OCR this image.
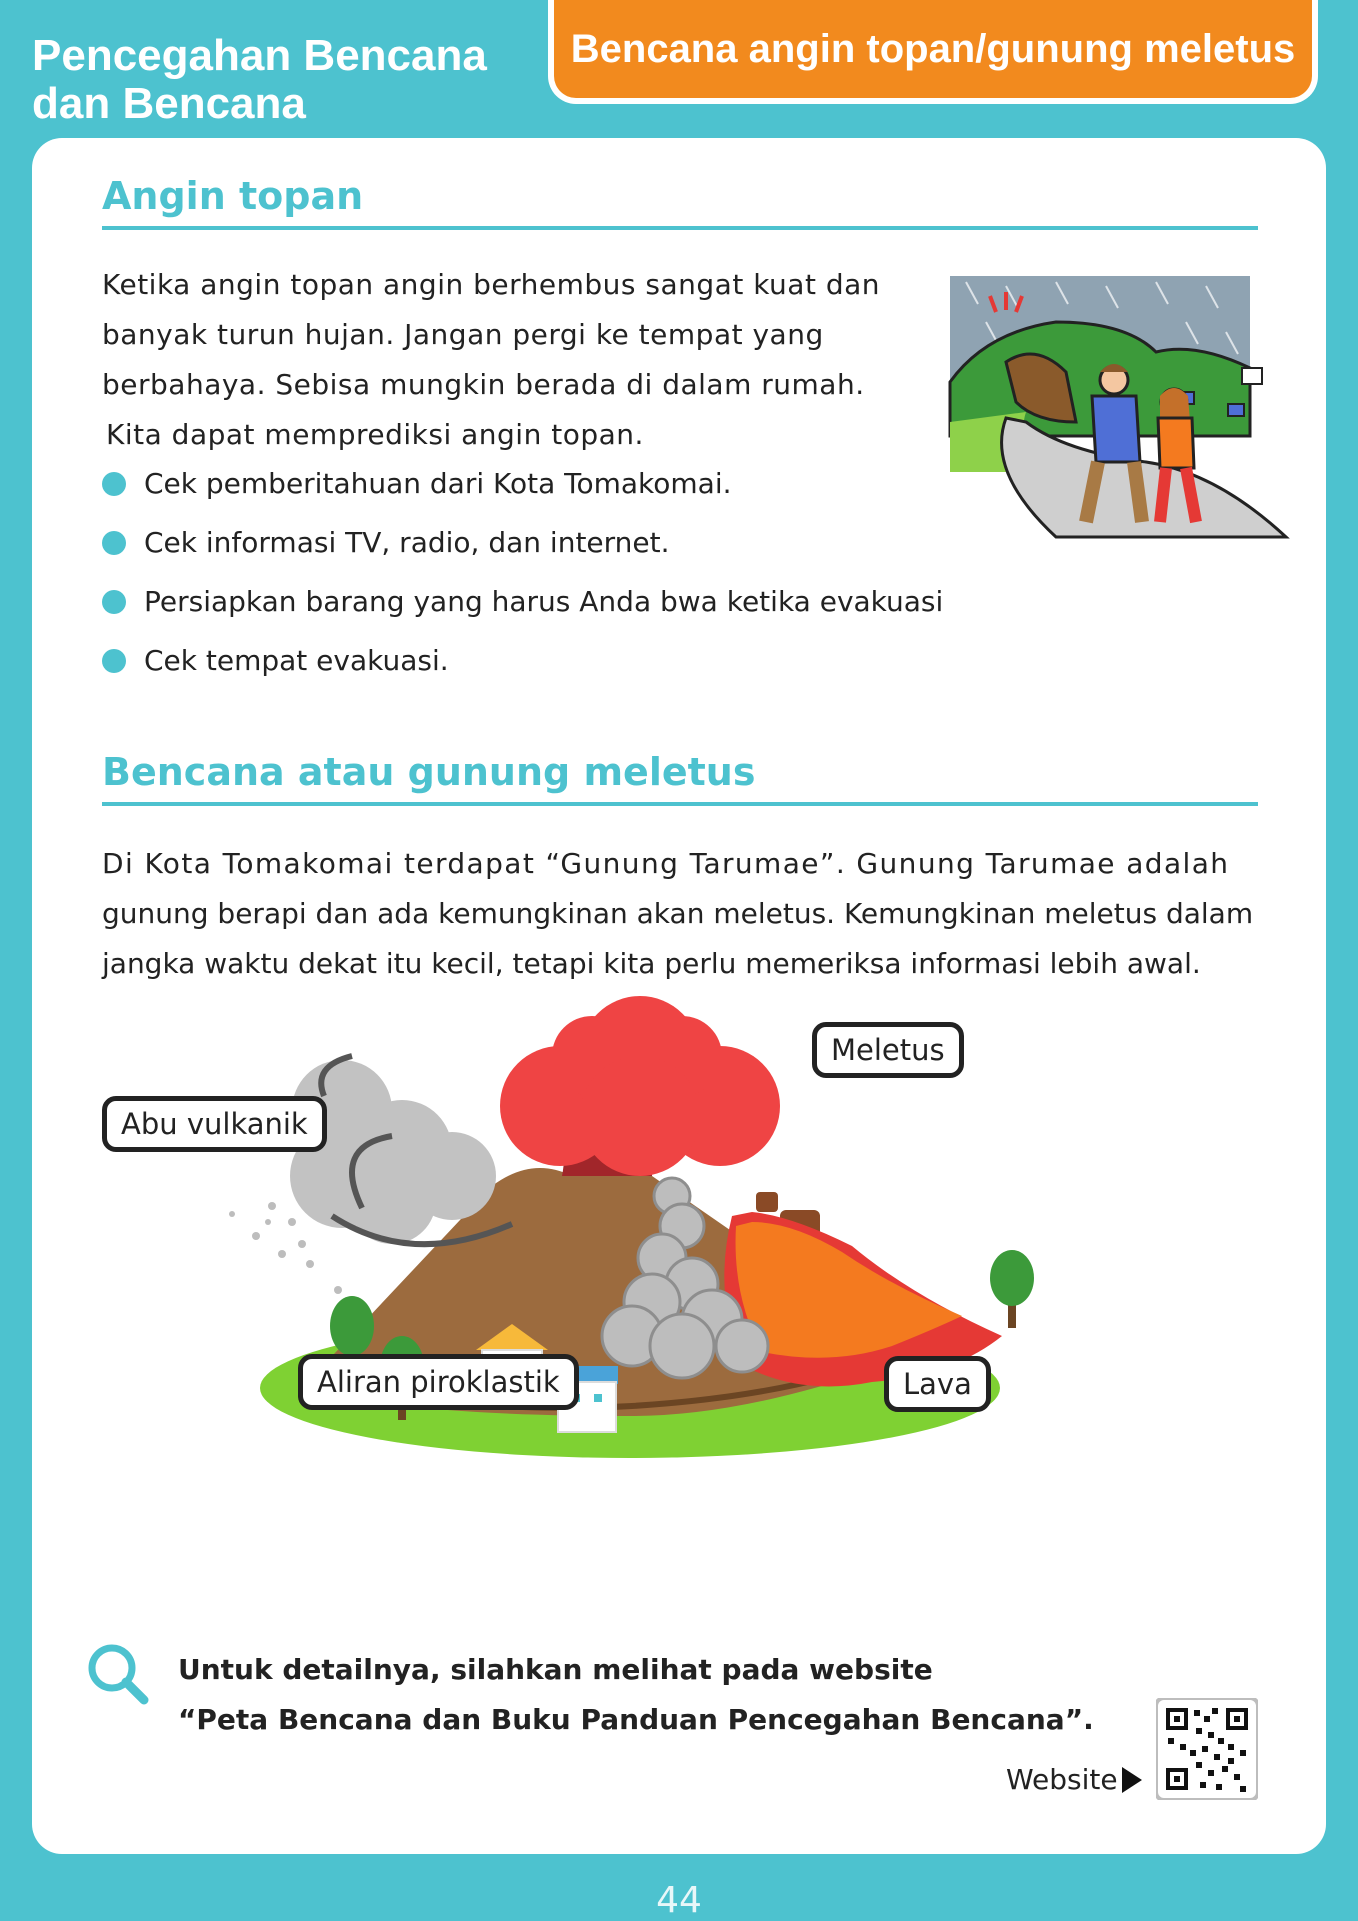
Pencegahan Bencana
dan Bencana
Bencana angin topan/gunung meletus
Angin topan
Ketika angin topan angin berhembus sangat kuat dan
banyak turun hujan. Jangan pergi ke tempat yang
berbahaya. Sebisa mungkin berada di dalam rumah.
Kita dapat memprediksi angin topan.
Cek pemberitahuan dari Kota Tomakomai.
Cek informasi TV, radio, dan internet.
Persiapkan barang yang harus Anda bwa ketika evakuasi
Cek tempat evakuasi.
Bencana atau gunung meletus
Di Kota Tomakomai terdapat “Gunung Tarumae”. Gunung Tarumae adalah
gunung berapi dan ada kemungkinan akan meletus. Kemungkinan meletus dalam
jangka waktu dekat itu kecil, tetapi kita perlu memeriksa informasi lebih awal.
Meletus
Abu vulkanik
Aliran piroklastik	Lava
Untuk detailnya, silahkan melihat pada website
“Peta Bencana dan Buku Panduan Pencegahan Bencana”.
Website
44
